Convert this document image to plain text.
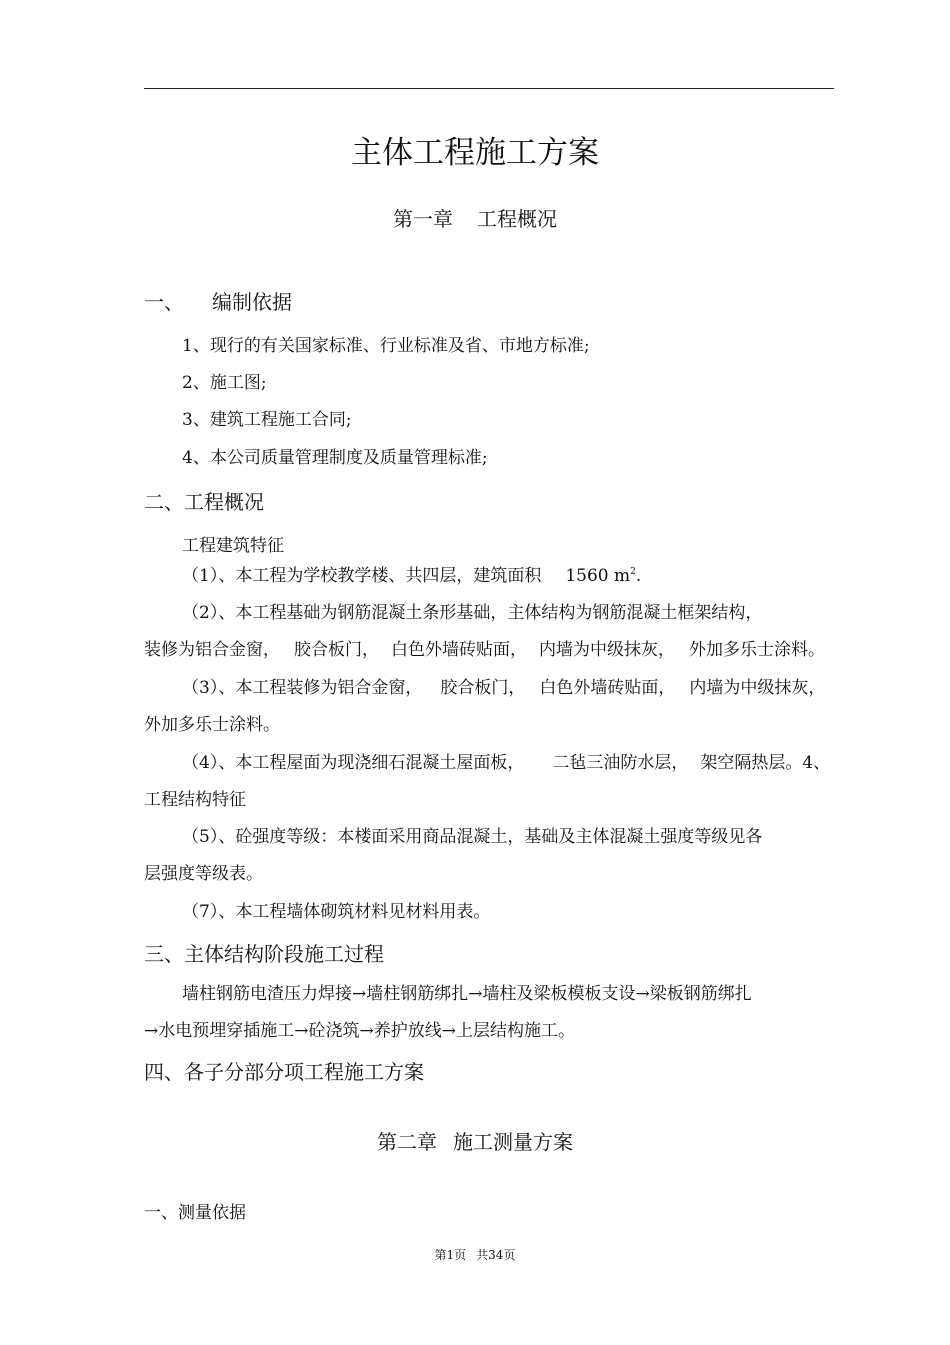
主体工程施工方案
第一章 工程概况
一、 编制依据
1、现行的有关国家标准、行业标准及省、市地方标准;
2、施工图;
3、建筑工程施工合同;
4、本公司质量管理制度及质量管理标准;
二、工程概况
工程建筑特征
（1）、本工程为学校教学楼、共四层，建筑面积 1560 $m^2$.
（2）、本工程基础为钢筋混凝土条形基础，主体结构为钢筋混凝土框架结构，
装修为铝合金窗， 胶合板门， 白色外墙砖贴面， 内墙为中级抹灰， 外加多乐士涂料。
（3）、本工程装修为铝合金窗， 胶合板门， 白色外墙砖贴面， 内墙为中级抹灰，
外加多乐士涂料。
（4）、本工程屋面为现浇细石混凝土屋面板， 二毡三油防水层， 架空隔热层。4、
工程结构特征
（5）、砼强度等级：本楼面采用商品混凝土，基础及主体混凝土强度等级见各
层强度等级表。
（7）、本工程墙体砌筑材料见材料用表。
三、主体结构阶段施工过程
墙柱钢筋电渣压力焊接→墙柱钢筋绑扎→墙柱及梁板模板支设→梁板钢筋绑扎
→水电预埋穿插施工→砼浇筑→养护放线→上层结构施工。
四、各子分部分项工程施工方案
第二章 施工测量方案
一、测量依据
第1页 共34页
